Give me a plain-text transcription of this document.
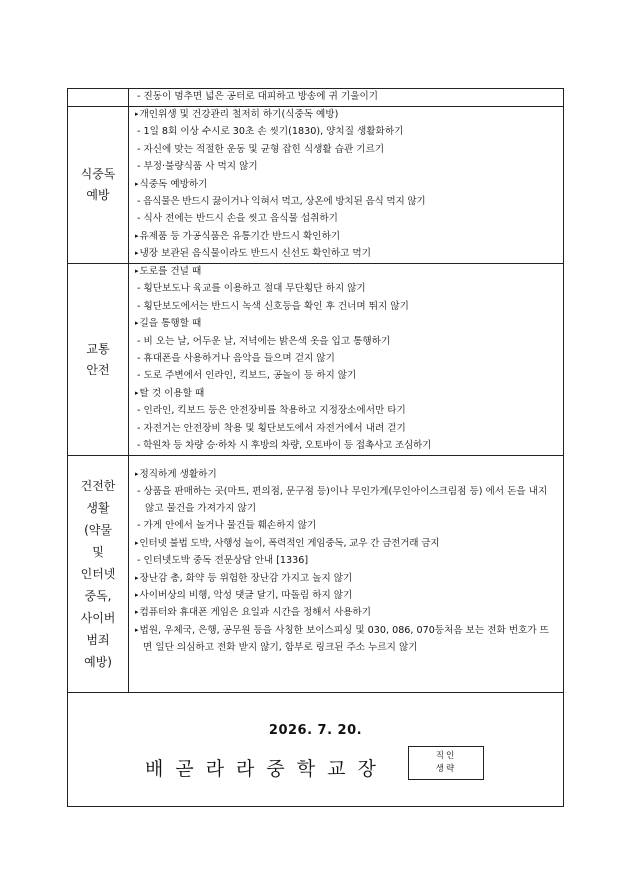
- 진동이 멈추면 넓은 공터로 대피하고 방송에 귀 기울이기
식중독
예방
▸개인위생 및 건강관리 철저히 하기(식중독 예방)
- 1일 8회 이상 수시로 30초 손 씻기(1830), 양치질 생활화하기
- 자신에 맞는 적절한 운동 및 균형 잡힌 식생활 습관 기르기
- 부정·불량식품 사 먹지 않기
▸식중독 예방하기
- 음식물은 반드시 끓이거나 익혀서 먹고, 상온에 방치된 음식 먹지 않기
- 식사 전에는 반드시 손을 씻고 음식물 섭취하기
▸유제품 등 가공식품은 유통기간 반드시 확인하기
▸냉장 보관된 음식물이라도 반드시 신선도 확인하고 먹기
교통
안전
▸도로를 건널 때
- 횡단보도나 육교를 이용하고 절대 무단횡단 하지 않기
- 횡단보도에서는 반드시 녹색 신호등을 확인 후 건너며 뛰지 않기
▸길을 통행할 때
- 비 오는 날, 어두운 날, 저녁에는 밝은색 옷을 입고 통행하기
- 휴대폰을 사용하거나 음악을 들으며 걷지 않기
- 도로 주변에서 인라인, 킥보드, 공놀이 등 하지 않기
▸탈 것 이용할 때
- 인라인, 킥보드 등은 안전장비를 착용하고 지정장소에서만 타기
- 자전거는 안전장비 착용 및 횡단보도에서 자전거에서 내려 걷기
- 학원차 등 차량 승·하차 시 후방의 차량, 오토바이 등 접촉사고 조심하기
건전한
생활
(약물
및
인터넷
중독,
사이버
범죄
예방)
▸정직하게 생활하기
- 상품을 판매하는 곳(마트, 편의점, 문구점 등)이나 무인가게(무인아이스크림점 등) 에서 돈을 내지 않고 물건을 가져가지 않기
- 가게 안에서 놀거나 물건들 훼손하지 않기
▸인터넷 불법 도박, 사행성 놀이, 폭력적인 게임중독, 교우 간 금전거래 금지
- 인터넷도박 중독 전문상담 안내 [1336]
▸장난감 총, 화약 등 위험한 장난감 가지고 놀지 않기
▸사이버상의 비행, 악성 댓글 달기, 따돌림 하지 않기
▸컴퓨터와 휴대폰 게임은 요일과 시간을 정해서 사용하기
▸법원, 우체국, 은행, 공무원 등을 사칭한 보이스피싱 및 030, 086, 070등처음 보는 전화 번호가 뜨면 일단 의심하고 전화 받지 않기, 함부로 링크된 주소 누르지 않기
2026. 7. 20.
배곧라라중학교장
직인
생략
